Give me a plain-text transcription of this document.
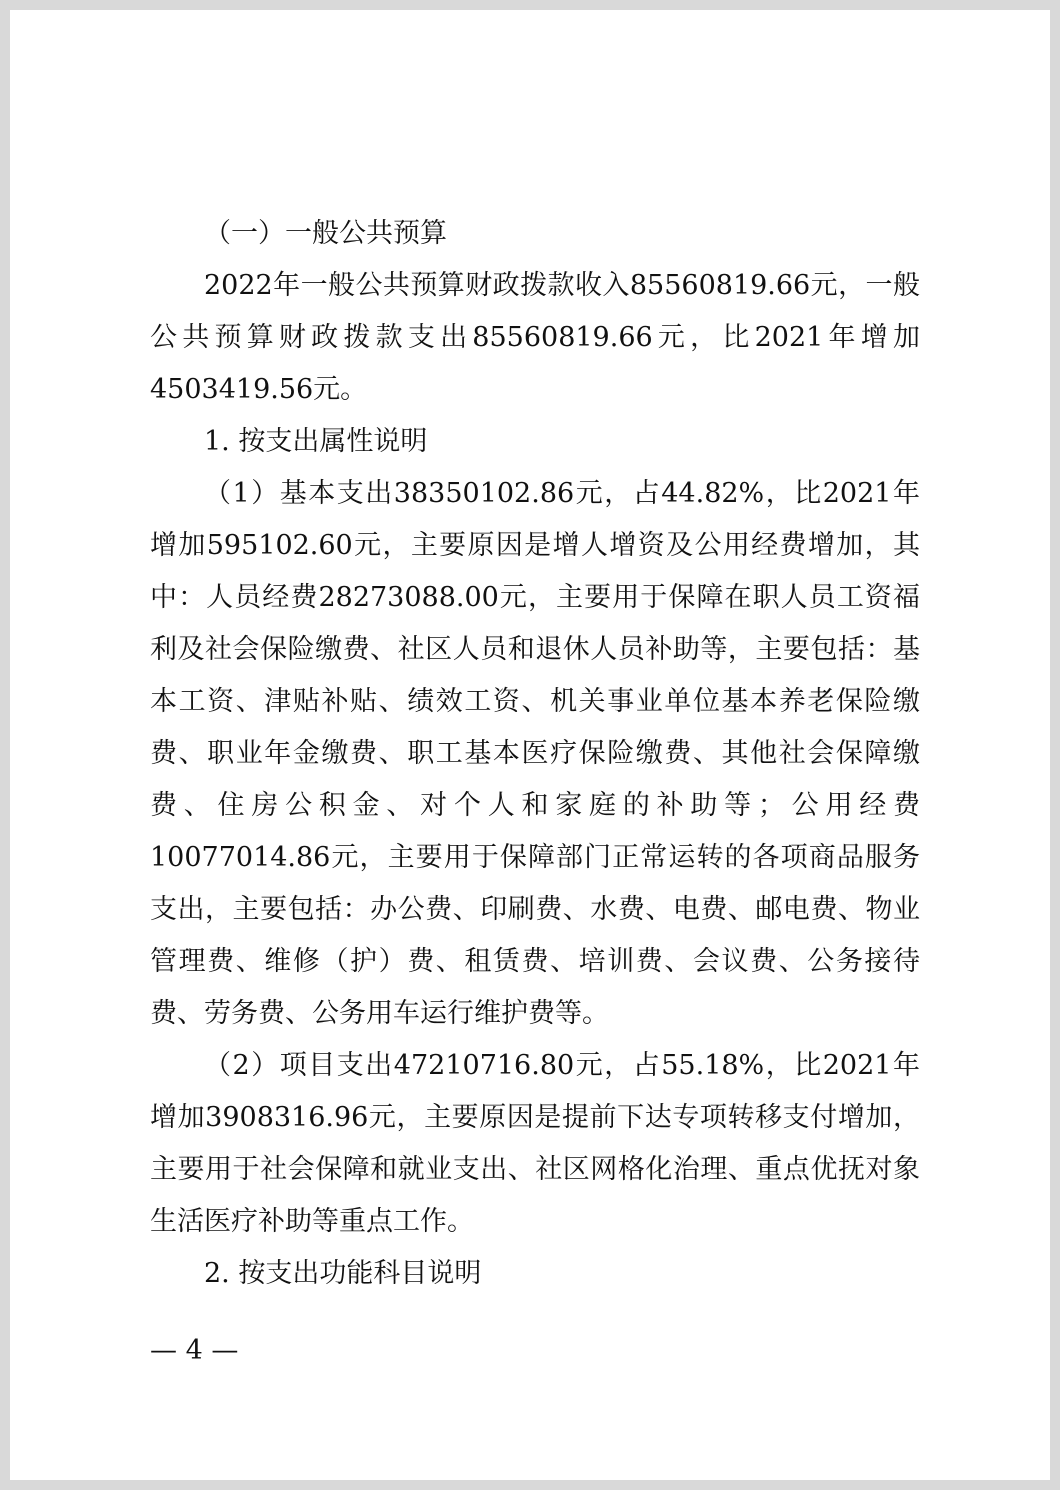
（一）一般公共预算

2022年一般公共预算财政拨款收入85560819.66元，一般公共预算财政拨款支出85560819.66元，比2021年增加4503419.56元。

1. 按支出属性说明

（1）基本支出38350102.86元，占44.82%，比2021年增加595102.60元，主要原因是增人增资及公用经费增加，其中：人员经费28273088.00元，主要用于保障在职人员工资福利及社会保险缴费、社区人员和退休人员补助等，主要包括：基本工资、津贴补贴、绩效工资、机关事业单位基本养老保险缴费、职业年金缴费、职工基本医疗保险缴费、其他社会保障缴费、住房公积金、对个人和家庭的补助等；公用经费10077014.86元，主要用于保障部门正常运转的各项商品服务支出，主要包括：办公费、印刷费、水费、电费、邮电费、物业管理费、维修（护）费、租赁费、培训费、会议费、公务接待费、劳务费、公务用车运行维护费等。

（2）项目支出47210716.80元，占55.18%，比2021年增加3908316.96元，主要原因是提前下达专项转移支付增加，主要用于社会保障和就业支出、社区网格化治理、重点优抚对象生活医疗补助等重点工作。

2. 按支出功能科目说明

— 4 —
